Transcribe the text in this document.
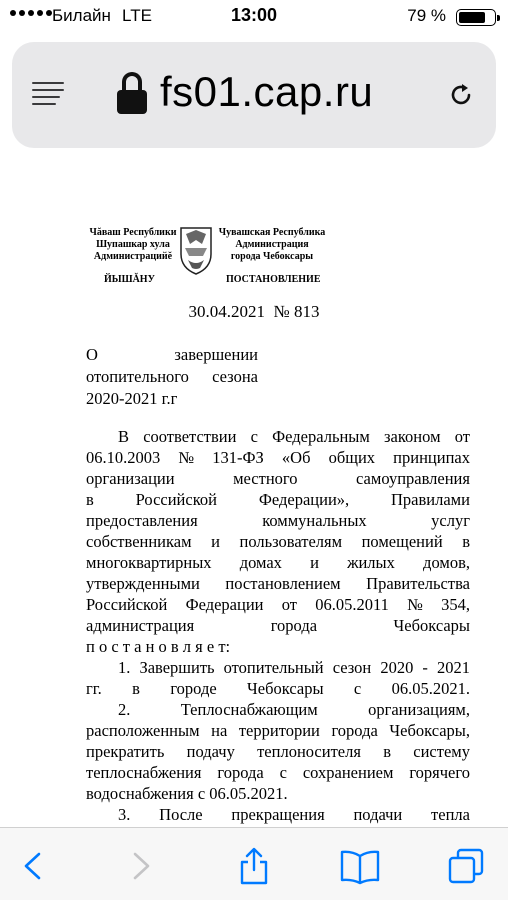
Билайн LTE	13:00	79 %
fs01.cap.ru
Чăваш Республики
Шупашкар хула
Администрацийĕ
Чувашская Республика
Администрация
города Чебоксары
ЙЫШĂНУ	ПОСТАНОВЛЕНИЕ
30.04.2021  № 813
О	завершении
отопительного сезона
2020-2021 г.г
В соответствии с Федеральным законом от
06.10.2003 № 131-ФЗ «Об общих принципах
организации	местного	самоуправления
в	Российской	Федерации»,	Правилами
предоставления	коммунальных	услуг
собственникам и пользователям помещений в
многоквартирных домах и жилых домов,
утвержденными постановлением Правительства
Российской Федерации от 06.05.2011 № 354,
администрация	города	Чебоксары
п о с т а н о в л я е т:
1. Завершить отопительный сезон 2020 - 2021
гг. в городе Чебоксары с 06.05.2021.
2.	Теплоснабжающим	организациям,
расположенным на территории города Чебоксары,
прекратить подачу теплоносителя в систему
теплоснабжения города с сохранением горячего
водоснабжения с 06.05.2021.
3. После прекращения подачи тепла
